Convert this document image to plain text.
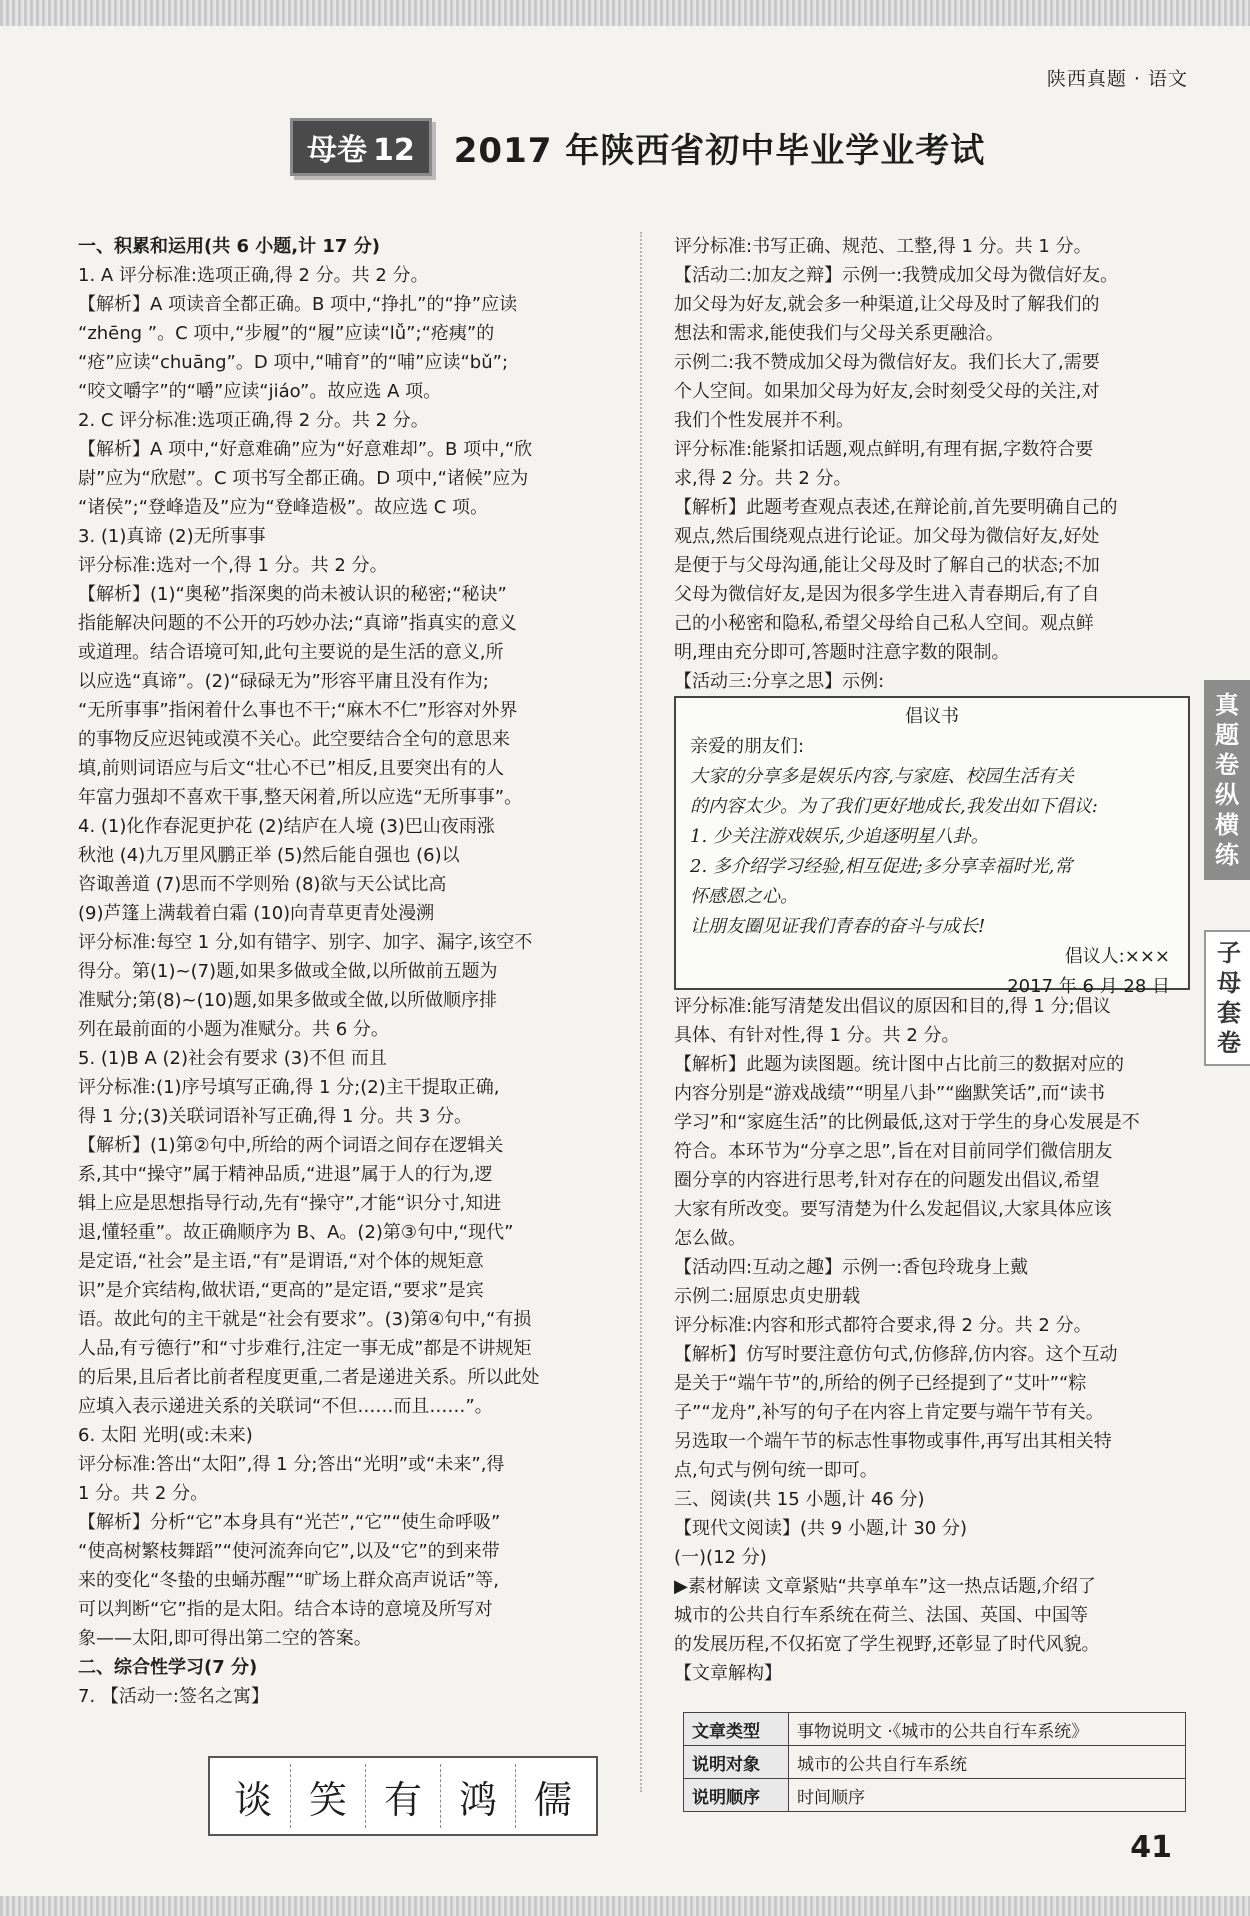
陕西真题 · 语文
母卷 12	2017 年陕西省初中毕业学业考试
一、积累和运用(共 6 小题,计 17 分)
1. A 评分标准:选项正确,得 2 分。共 2 分。
【解析】A 项读音全都正确。B 项中,“挣扎”的“挣”应读
“zhēng ”。C 项中,“步履”的“履”应读“lǚ”;“疮痍”的
“疮”应读“chuāng”。D 项中,“哺育”的“哺”应读“bǔ”;
“咬文嚼字”的“嚼”应读“jiáo”。故应选 A 项。
2. C 评分标准:选项正确,得 2 分。共 2 分。
【解析】A 项中,“好意难确”应为“好意难却”。B 项中,“欣
尉”应为“欣慰”。C 项书写全都正确。D 项中,“诸候”应为
“诸侯”;“登峰造及”应为“登峰造极”。故应选 C 项。
3. (1)真谛 (2)无所事事
评分标准:选对一个,得 1 分。共 2 分。
【解析】(1)“奥秘”指深奥的尚未被认识的秘密;“秘诀”
指能解决问题的不公开的巧妙办法;“真谛”指真实的意义
或道理。结合语境可知,此句主要说的是生活的意义,所
以应选“真谛”。(2)“碌碌无为”形容平庸且没有作为;
“无所事事”指闲着什么事也不干;“麻木不仁”形容对外界
的事物反应迟钝或漠不关心。此空要结合全句的意思来
填,前则词语应与后文“壮心不已”相反,且要突出有的人
年富力强却不喜欢干事,整天闲着,所以应选“无所事事”。
4. (1)化作春泥更护花 (2)结庐在人境 (3)巴山夜雨涨
秋池 (4)九万里风鹏正举 (5)然后能自强也 (6)以
咨诹善道 (7)思而不学则殆 (8)欲与天公试比高
(9)芦篷上满载着白霜 (10)向青草更青处漫溯
评分标准:每空 1 分,如有错字、别字、加字、漏字,该空不
得分。第(1)~(7)题,如果多做或全做,以所做前五题为
准赋分;第(8)~(10)题,如果多做或全做,以所做顺序排
列在最前面的小题为准赋分。共 6 分。
5. (1)B A (2)社会有要求 (3)不但 而且
评分标准:(1)序号填写正确,得 1 分;(2)主干提取正确,
得 1 分;(3)关联词语补写正确,得 1 分。共 3 分。
【解析】(1)第②句中,所给的两个词语之间存在逻辑关
系,其中“操守”属于精神品质,“进退”属于人的行为,逻
辑上应是思想指导行动,先有“操守”,才能“识分寸,知进
退,懂轻重”。故正确顺序为 B、A。(2)第③句中,“现代”
是定语,“社会”是主语,“有”是谓语,“对个体的规矩意
识”是介宾结构,做状语,“更高的”是定语,“要求”是宾
语。故此句的主干就是“社会有要求”。(3)第④句中,“有损
人品,有亏德行”和“寸步难行,注定一事无成”都是不讲规矩
的后果,且后者比前者程度更重,二者是递进关系。所以此处
应填入表示递进关系的关联词“不但……而且……”。
6. 太阳 光明(或:未来)
评分标准:答出“太阳”,得 1 分;答出“光明”或“未来”,得
1 分。共 2 分。
【解析】分析“它”本身具有“光芒”,“它”“使生命呼吸”
“使高树繁枝舞蹈”“使河流奔向它”,以及“它”的到来带
来的变化“冬蛰的虫蛹苏醒”“旷场上群众高声说话”等,
可以判断“它”指的是太阳。结合本诗的意境及所写对
象——太阳,即可得出第二空的答案。
二、综合性学习(7 分)
7. 【活动一:签名之寓】
谈 笑 有 鸿 儒
评分标准:书写正确、规范、工整,得 1 分。共 1 分。
【活动二:加友之辩】示例一:我赞成加父母为微信好友。
加父母为好友,就会多一种渠道,让父母及时了解我们的
想法和需求,能使我们与父母关系更融洽。
示例二:我不赞成加父母为微信好友。我们长大了,需要
个人空间。如果加父母为好友,会时刻受父母的关注,对
我们个性发展并不利。
评分标准:能紧扣话题,观点鲜明,有理有据,字数符合要
求,得 2 分。共 2 分。
【解析】此题考查观点表述,在辩论前,首先要明确自己的
观点,然后围绕观点进行论证。加父母为微信好友,好处
是便于与父母沟通,能让父母及时了解自己的状态;不加
父母为微信好友,是因为很多学生进入青春期后,有了自
己的小秘密和隐私,希望父母给自己私人空间。观点鲜
明,理由充分即可,答题时注意字数的限制。
【活动三:分享之思】示例:
倡议书
亲爱的朋友们:
大家的分享多是娱乐内容,与家庭、校园生活有关
的内容太少。为了我们更好地成长,我发出如下倡议:
1. 少关注游戏娱乐,少追逐明星八卦。
2. 多介绍学习经验,相互促进;多分享幸福时光,常
怀感恩之心。
让朋友圈见证我们青春的奋斗与成长!
倡议人:×××
2017 年 6 月 28 日
评分标准:能写清楚发出倡议的原因和目的,得 1 分;倡议
具体、有针对性,得 1 分。共 2 分。
【解析】此题为读图题。统计图中占比前三的数据对应的
内容分别是“游戏战绩”“明星八卦”“幽默笑话”,而“读书
学习”和“家庭生活”的比例最低,这对于学生的身心发展是不
符合。本环节为“分享之思”,旨在对目前同学们微信朋友
圈分享的内容进行思考,针对存在的问题发出倡议,希望
大家有所改变。要写清楚为什么发起倡议,大家具体应该
怎么做。
【活动四:互动之趣】示例一:香包玲珑身上戴
示例二:屈原忠贞史册载
评分标准:内容和形式都符合要求,得 2 分。共 2 分。
【解析】仿写时要注意仿句式,仿修辞,仿内容。这个互动
是关于“端午节”的,所给的例子已经提到了“艾叶”“粽
子”“龙舟”,补写的句子在内容上肯定要与端午节有关。
另选取一个端午节的标志性事物或事件,再写出其相关特
点,句式与例句统一即可。
三、阅读(共 15 小题,计 46 分)
【现代文阅读】(共 9 小题,计 30 分)
(一)(12 分)
▶素材解读 文章紧贴“共享单车”这一热点话题,介绍了
城市的公共自行车系统在荷兰、法国、英国、中国等
的发展历程,不仅拓宽了学生视野,还彰显了时代风貌。
【文章解构】
文章类型	事物说明文 ·《城市的公共自行车系统》
说明对象	城市的公共自行车系统
说明顺序	时间顺序
真题卷纵横练
子母套卷
41
